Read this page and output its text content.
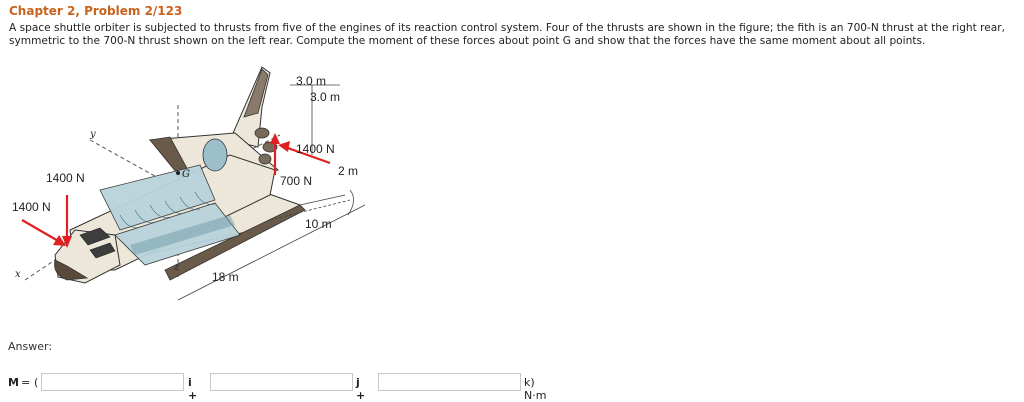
Chapter 2, Problem 2/123
A space shuttle orbiter is subjected to thrusts from five of the engines of its reaction control system. Four of the thrusts are shown in the figure; the fith is an 700-N thrust at the right rear, symmetric to the 700-N thrust shown on the left rear. Compute the moment of these forces about point G and show that the forces have the same moment about all points.
3.0 m
3.0 m
1400 N
2 m
700 N
10 m
1400 N
1400 N
18 m
x
y
z
G
Answer:
M = (	i +
j +
k) N·m
